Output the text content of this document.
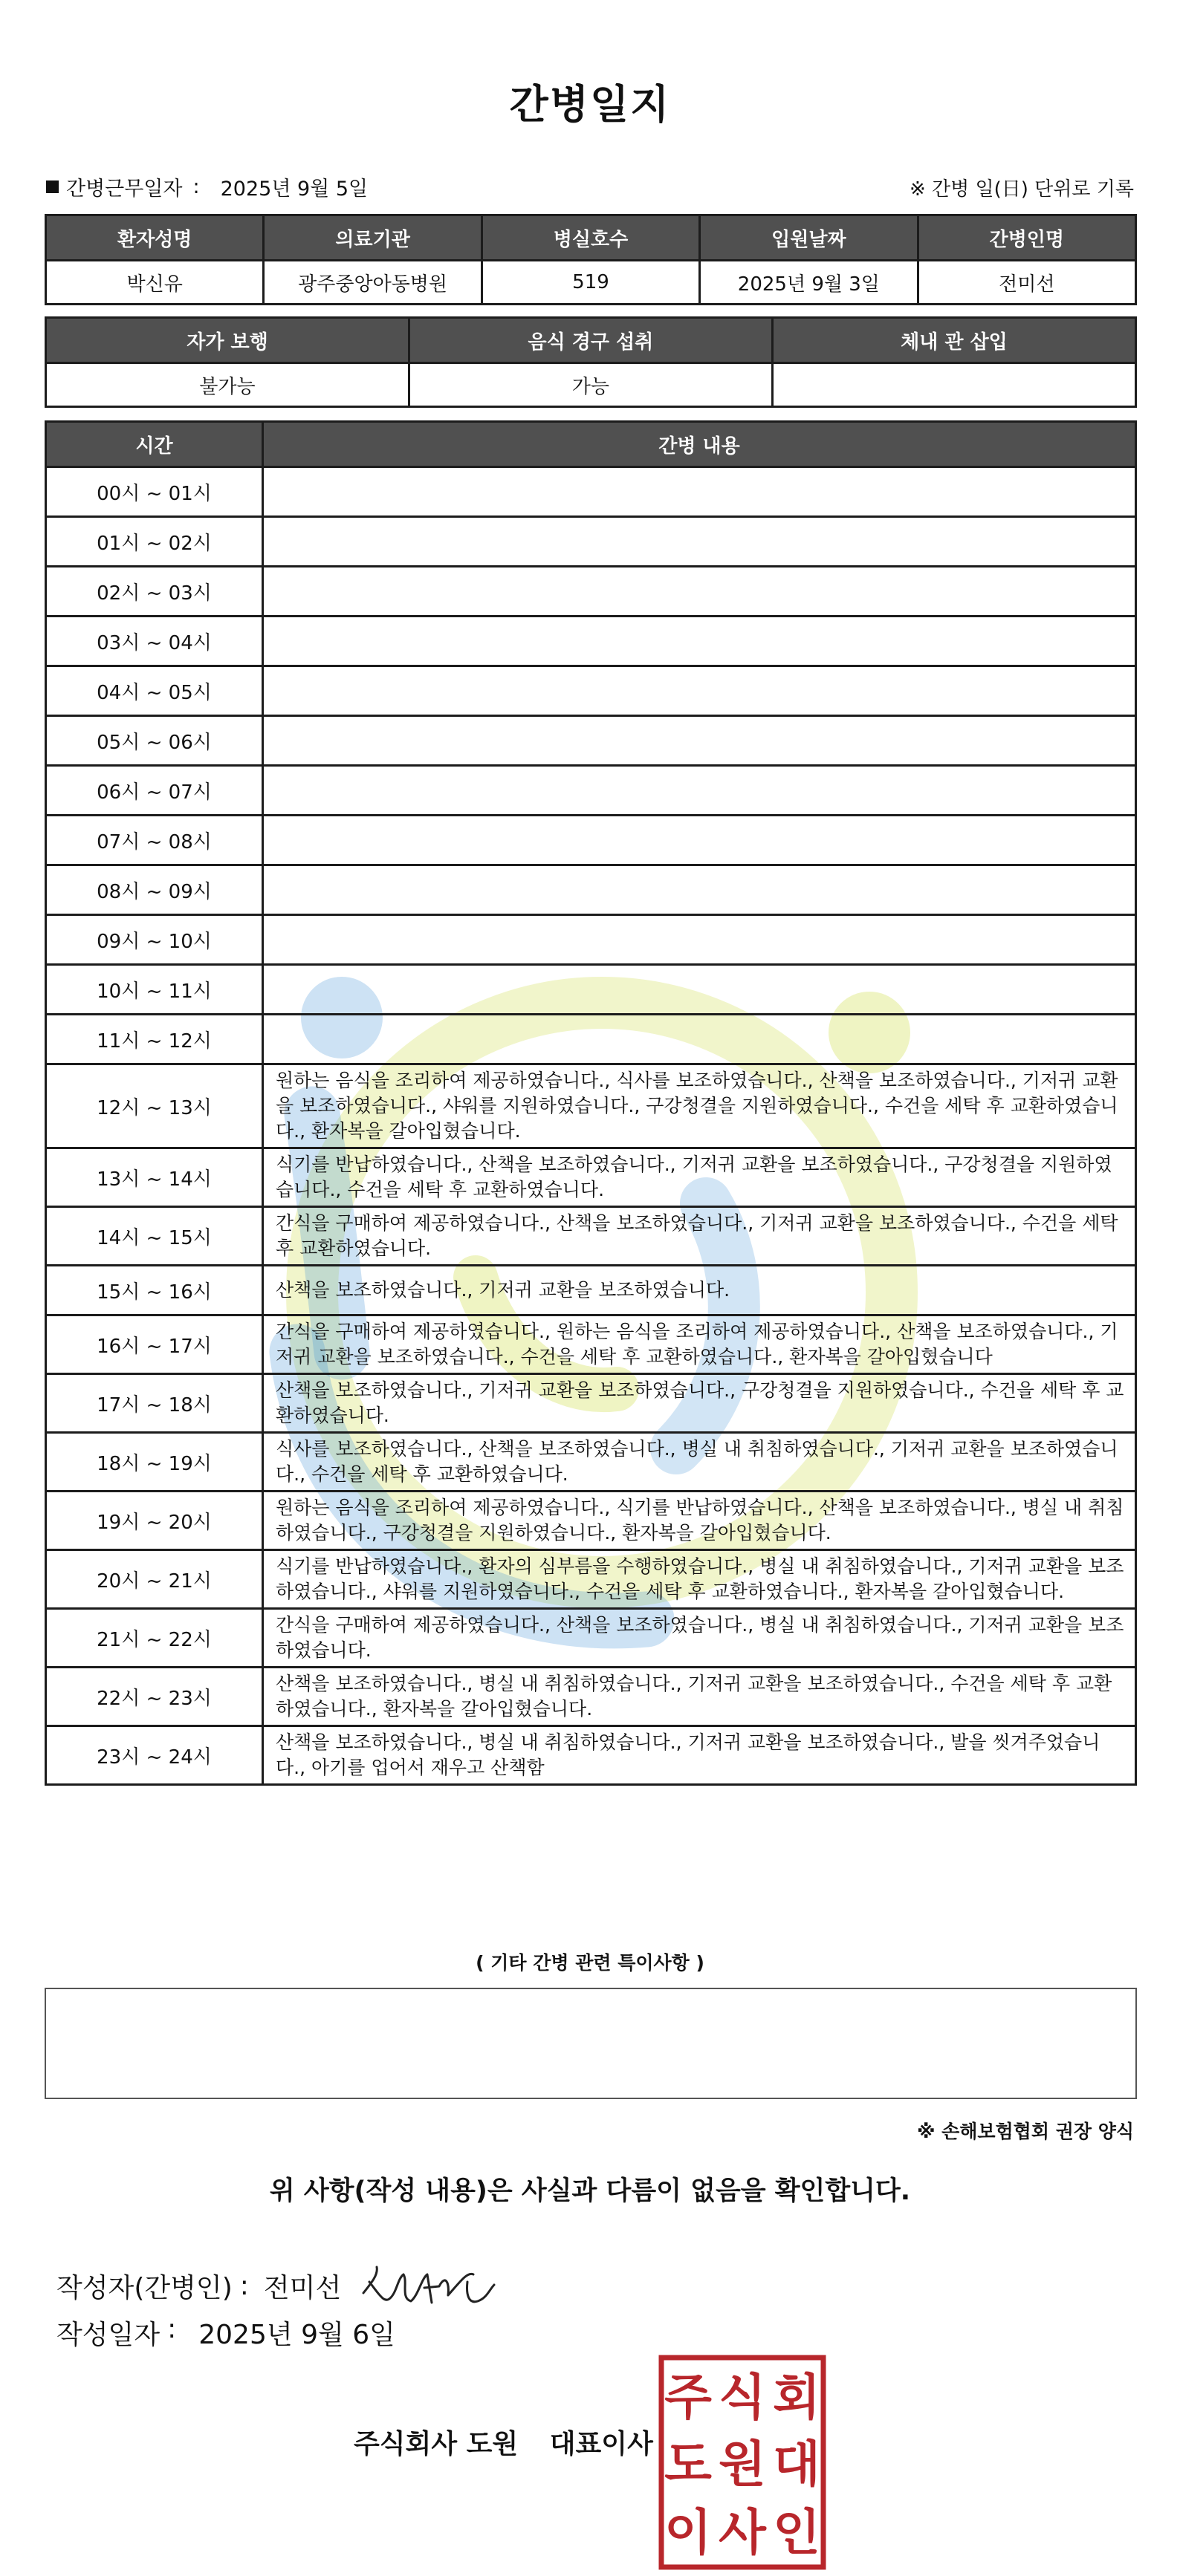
간병일지
간병근무일자 : 2025년 9월 5일	※ 간병 일(日) 단위로 기록
환자성명	의료기관	병실호수	입원날짜	간병인명
박신유	광주중앙아동병원	519	2025년 9월 3일	전미선
자가 보행	음식 경구 섭취	체내 관 삽입
불가능	가능	
시간	간병 내용
00시 ~ 01시	
01시 ~ 02시	
02시 ~ 03시	
03시 ~ 04시	
04시 ~ 05시	
05시 ~ 06시	
06시 ~ 07시	
07시 ~ 08시	
08시 ~ 09시	
09시 ~ 10시	
10시 ~ 11시	
11시 ~ 12시	
12시 ~ 13시	원하는 음식을 조리하여 제공하였습니다., 식사를 보조하였습니다., 산책을 보조하였습니다., 기저귀 교환을 보조하였습니다., 샤워를 지원하였습니다., 구강청결을 지원하였습니다., 수건을 세탁 후 교환하였습니다., 환자복을 갈아입혔습니다.
13시 ~ 14시	식기를 반납하였습니다., 산책을 보조하였습니다., 기저귀 교환을 보조하였습니다., 구강청결을 지원하였습니다., 수건을 세탁 후 교환하였습니다.
14시 ~ 15시	간식을 구매하여 제공하였습니다., 산책을 보조하였습니다., 기저귀 교환을 보조하였습니다., 수건을 세탁 후 교환하였습니다.
15시 ~ 16시	산책을 보조하였습니다., 기저귀 교환을 보조하였습니다.
16시 ~ 17시	간식을 구매하여 제공하였습니다., 원하는 음식을 조리하여 제공하였습니다., 산책을 보조하였습니다., 기저귀 교환을 보조하였습니다., 수건을 세탁 후 교환하였습니다., 환자복을 갈아입혔습니다
17시 ~ 18시	산책을 보조하였습니다., 기저귀 교환을 보조하였습니다., 구강청결을 지원하였습니다., 수건을 세탁 후 교환하였습니다.
18시 ~ 19시	식사를 보조하였습니다., 산책을 보조하였습니다., 병실 내 취침하였습니다., 기저귀 교환을 보조하였습니다., 수건을 세탁 후 교환하였습니다.
19시 ~ 20시	원하는 음식을 조리하여 제공하였습니다., 식기를 반납하였습니다., 산책을 보조하였습니다., 병실 내 취침하였습니다., 구강청결을 지원하였습니다., 환자복을 갈아입혔습니다.
20시 ~ 21시	식기를 반납하였습니다., 환자의 심부름을 수행하였습니다., 병실 내 취침하였습니다., 기저귀 교환을 보조하였습니다., 샤워를 지원하였습니다., 수건을 세탁 후 교환하였습니다., 환자복을 갈아입혔습니다.
21시 ~ 22시	간식을 구매하여 제공하였습니다., 산책을 보조하였습니다., 병실 내 취침하였습니다., 기저귀 교환을 보조하였습니다.
22시 ~ 23시	산책을 보조하였습니다., 병실 내 취침하였습니다., 기저귀 교환을 보조하였습니다., 수건을 세탁 후 교환하였습니다., 환자복을 갈아입혔습니다.
23시 ~ 24시	산책을 보조하였습니다., 병실 내 취침하였습니다., 기저귀 교환을 보조하였습니다., 발을 씻겨주었습니다., 아기를 업어서 재우고 산책함
( 기타 간병 관련 특이사항 )
※ 손해보험협회 권장 양식
위 사항(작성 내용)은 사실과 다름이 없음을 확인합니다.
작성자(간병인) : 전미선
작성일자 : 2025년 9월 6일
주식회사 도원 대표이사
주 식 회
도 원 대
이 사 인
